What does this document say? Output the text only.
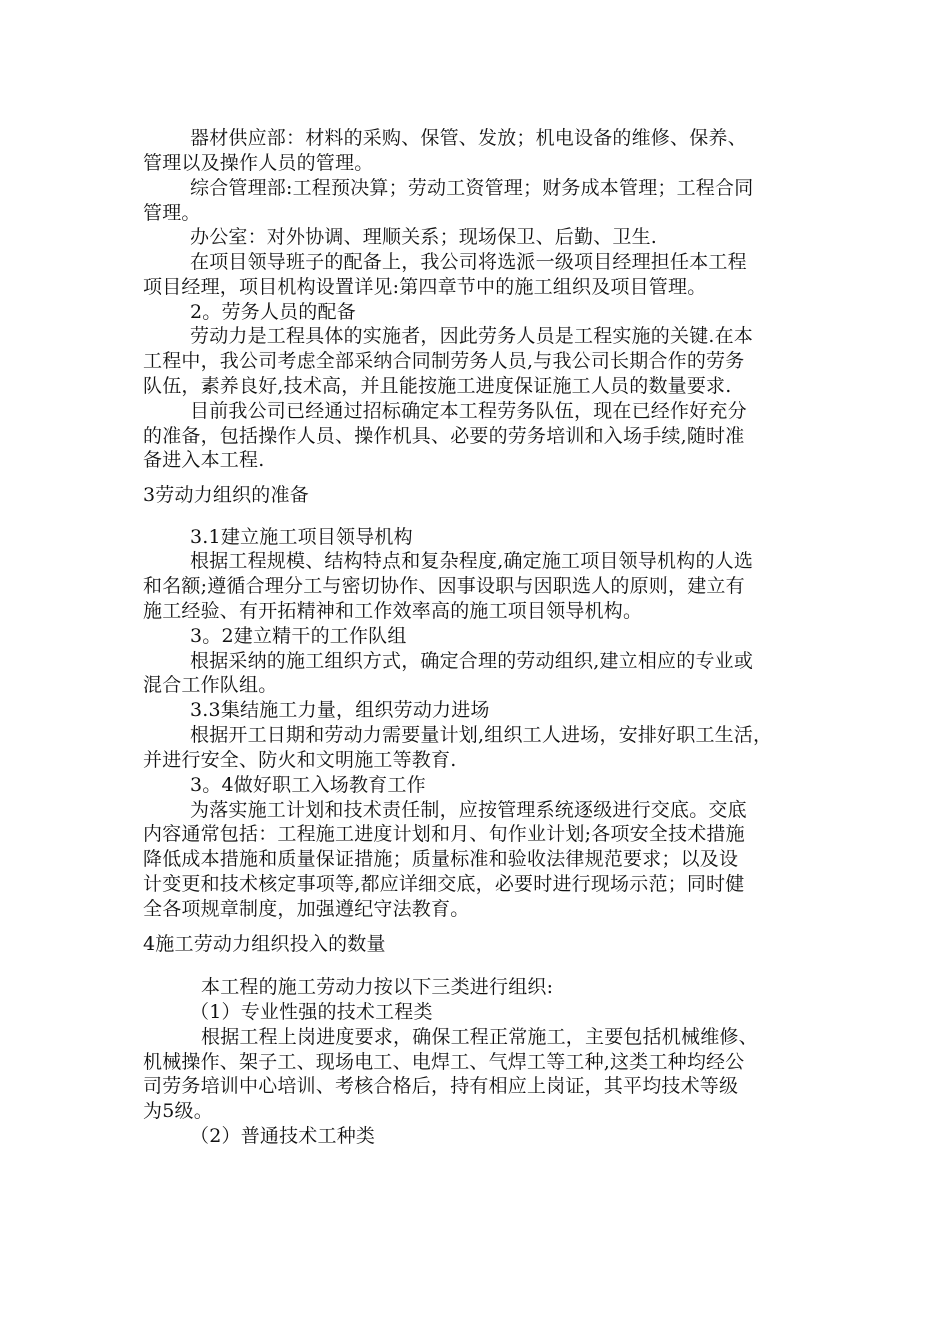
器材供应部：材料的采购、保管、发放；机电设备的维修、保养、
管理以及操作人员的管理。
综合管理部:工程预决算；劳动工资管理；财务成本管理；工程合同
管理。
办公室：对外协调、理顺关系；现场保卫、后勤、卫生.
在项目领导班子的配备上，我公司将选派一级项目经理担任本工程
项目经理，项目机构设置详见:第四章节中的施工组织及项目管理。
2。劳务人员的配备
劳动力是工程具体的实施者，因此劳务人员是工程实施的关键.在本
工程中，我公司考虑全部采纳合同制劳务人员,与我公司长期合作的劳务
队伍，素养良好,技术高，并且能按施工进度保证施工人员的数量要求.
目前我公司已经通过招标确定本工程劳务队伍，现在已经作好充分
的准备，包括操作人员、操作机具、必要的劳务培训和入场手续,随时准
备进入本工程.
3劳动力组织的准备
3.1建立施工项目领导机构
根据工程规模、结构特点和复杂程度,确定施工项目领导机构的人选
和名额;遵循合理分工与密切协作、因事设职与因职选人的原则，建立有
施工经验、有开拓精神和工作效率高的施工项目领导机构。
3。2建立精干的工作队组
根据采纳的施工组织方式，确定合理的劳动组织,建立相应的专业或
混合工作队组。
3.3集结施工力量，组织劳动力进场
根据开工日期和劳动力需要量计划,组织工人进场，安排好职工生活，
并进行安全、防火和文明施工等教育.
3。4做好职工入场教育工作
为落实施工计划和技术责任制，应按管理系统逐级进行交底。交底
内容通常包括：工程施工进度计划和月、旬作业计划;各项安全技术措施
降低成本措施和质量保证措施；质量标准和验收法律规范要求；以及设
计变更和技术核定事项等,都应详细交底，必要时进行现场示范；同时健
全各项规章制度，加强遵纪守法教育。
4施工劳动力组织投入的数量
本工程的施工劳动力按以下三类进行组织:
（1）专业性强的技术工程类
根据工程上岗进度要求，确保工程正常施工，主要包括机械维修、
机械操作、架子工、现场电工、电焊工、气焊工等工种,这类工种均经公
司劳务培训中心培训、考核合格后，持有相应上岗证，其平均技术等级
为5级。
（2）普通技术工种类
